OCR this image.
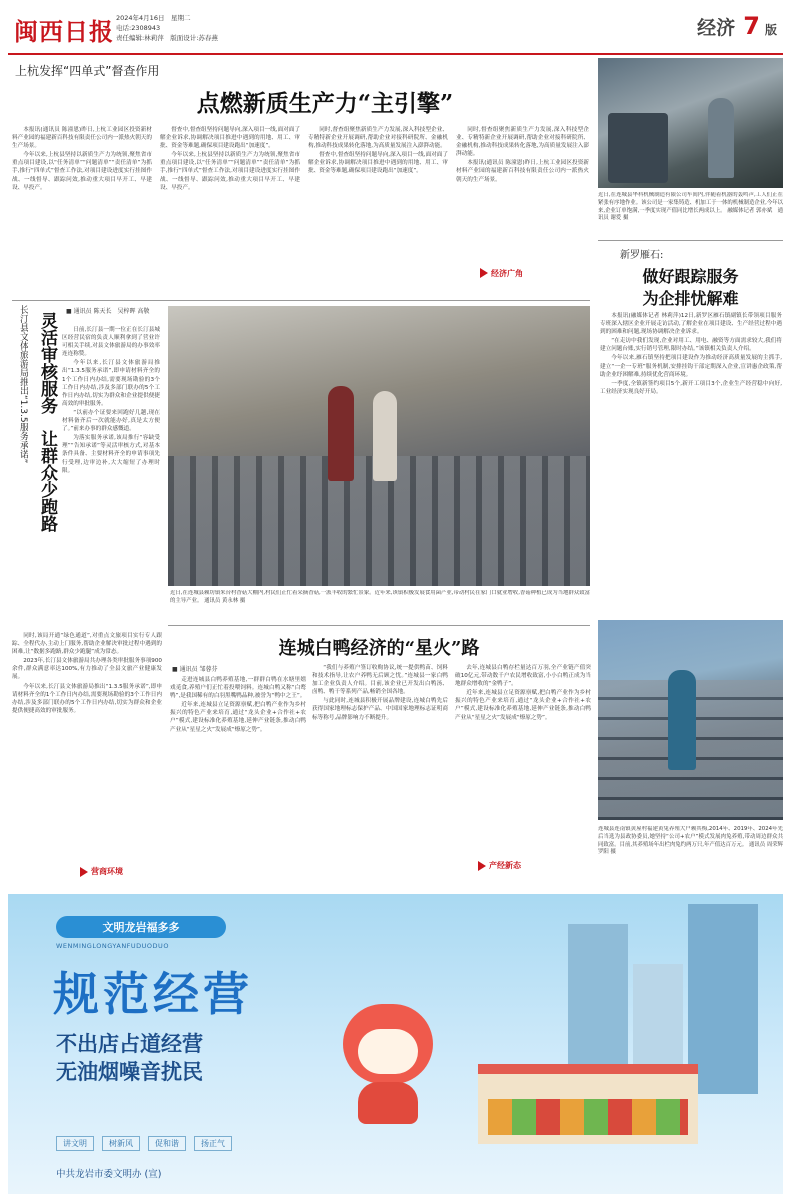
闽西日报 2024年4月16日　星期二
电话:2308943
责任编辑:林莉萍　版面设计:苏春燕	经济 7 版
上杭发挥“四单式”督查作用
点燃新质生产力“主引擎”

本报讯(通讯员 陈潼恩)昨日,上杭工业园区投资新材料产业园的福建新百科技有限责任公司内一派热火朝天的生产场景。

今年以来,上杭县坚持以新质生产力为统领,聚焦省市重点项目建设,以“任务清单”“问题清单”“责任清单”为抓手,推行“四单式”督查工作法,对项目建设进度实行挂图作战、一线督导、跟踪问效,推动重大项目早开工、早建设、早投产。

督查中,督查组坚持问题导向,深入项目一线,面对面了解企业诉求,协调解决项目推进中遇到的用地、用工、审批、资金等难题,确保项目建设跑出“加速度”。

今年以来,上杭县坚持以新质生产力为统领,聚焦省市重点项目建设,以“任务清单”“问题清单”“责任清单”为抓手,推行“四单式”督查工作法,对项目建设进度实行挂图作战、一线督导、跟踪问效,推动重大项目早开工、早建设、早投产。

同时,督查组聚焦新质生产力发展,深入科技型企业、专精特新企业开展调研,帮助企业对接科研院所、金融机构,推动科技成果转化落地,为高质量发展注入澎湃动能。

督查中,督查组坚持问题导向,深入项目一线,面对面了解企业诉求,协调解决项目推进中遇到的用地、用工、审批、资金等难题,确保项目建设跑出“加速度”。

同时,督查组聚焦新质生产力发展,深入科技型企业、专精特新企业开展调研,帮助企业对接科研院所、金融机构,推动科技成果转化落地,为高质量发展注入澎湃动能。

本报讯(通讯员 陈潼恩)昨日,上杭工业园区投资新材料产业园的福建新百科技有限责任公司内一派热火朝天的生产场景。

经济广角
近日,在连城县华科机械制造有限公司车间内,伴随着机器的轰鸣声,工人们正在紧张有序地作业。该公司是一家集铸造、机加工于一体的机械制造企业,今年以来,企业订单饱满,一季度实现产值同比增长两成以上。 融媒体记者 郭亦斌　通讯员 谢爱 摄
新罗雁石:
做好跟踪服务
为企排忧解难

本报讯(融媒体记者 林莉萍)12日,新罗区雁石镇副镇长带领项目服务专班深入辖区企业开展走访活动,了解企业在项目建设、生产经营过程中遇到的困难和问题,现场协调解决企业诉求。

“在走访中我们发现,企业对用工、用电、融资等方面需求较大,我们将建立问题台账,实行销号管理,限时办结。”该镇相关负责人介绍。

今年以来,雁石镇坚持把项目建设作为推动经济高质量发展的主抓手,建立“一企一专班”服务机制,安排挂钩干部定期深入企业,宣讲惠企政策,帮助企业纾困解难,持续优化营商环境。

一季度,全镇新签约项目5个,新开工项目3个,企业生产经营稳中向好,工业经济实现良好开局。

长汀县文体旅游局推出“1.3.5服务承诺” 灵活审核服务
让群众少跑路
■ 通讯员 陈天长　吴梓晖 高敬

日前,长汀县一期一位正在长汀县城区经营民宿的负责人顺利拿到了营业许可相关手续,对县文体旅游局的办事效率连连称赞。

今年以来,长汀县文体旅游局推出“1.3.5服务承诺”,即申请材料齐全的1个工作日内办结,需要现场勘验的3个工作日内办结,涉及多部门联办的5个工作日内办结,切实为群众和企业提供便捷高效的审批服务。

“以前办个证要来回跑好几趟,现在材料备齐后一次就能办好,真是太方便了。”前来办事的群众感慨道。

为落实服务承诺,该局推行“容缺受理”“告知承诺”等灵活审核方式,对基本条件具备、主要材料齐全的申请事项先行受理,边审边补,大大缩短了办理时限。

同时,该局开通“绿色通道”,对重点文旅项目实行专人跟踪、全程代办,主动上门服务,帮助企业解决审批过程中遇到的困难,让“数据多跑路,群众少跑腿”成为常态。

2023年,长汀县文体旅游局共办理各类审批服务事项900余件,群众满意率达100%,有力推动了全县文旅产业健康发展。

今年以来,长汀县文体旅游局推出“1.3.5服务承诺”,即申请材料齐全的1个工作日内办结,需要现场勘验的3个工作日内办结,涉及多部门联办的5个工作日内办结,切实为群众和企业提供便捷高效的审批服务。

营商环境
近日,在连城县赖坊镇朱台村香菇大棚内,村民们正忙着采摘香菇,一派丰收的繁忙景象。近年来,该镇积极发展食用菌产业,带动村民在家门口就业增收,香菇种植已成为当地群众致富的主导产业。 通讯员 黄永林 摄
连城白鸭经济的“星火”路
■ 通讯员 邹蓉芬

走进连城县白鸭养殖基地,一群群白鸭在水塘里嬉戏觅食,养殖户们正忙着投喂饲料。连城白鸭又称“白鹜鸭”,是我国稀有的白羽黑嘴鸭品种,被誉为“鸭中之王”。

近年来,连城县立足资源禀赋,把白鸭产业作为乡村振兴的特色产业来培育,通过“龙头企业+合作社+农户”模式,建设标准化养殖基地,延伸产业链条,推动白鸭产业从“星星之火”发展成“燎原之势”。

“我们与养殖户签订收购协议,统一提供鸭苗、饲料和技术指导,让农户养鸭无后顾之忧。”连城县一家白鸭加工企业负责人介绍。目前,该企业已开发出白鸭汤、卤鸭、鸭干等系列产品,畅销全国各地。

与此同时,连城县积极开展品牌建设,连城白鸭先后获得国家地理标志保护产品、中国国家地理标志证明商标等称号,品牌影响力不断提升。

去年,连城县白鸭存栏量达百万羽,全产业链产值突破10亿元,带动数千户农民增收致富,小小白鸭正成为当地群众增收的“金鸭子”。

近年来,连城县立足资源禀赋,把白鸭产业作为乡村振兴的特色产业来培育,通过“龙头企业+合作社+农户”模式,建设标准化养殖基地,延伸产业链条,推动白鸭产业从“星星之火”发展成“燎原之势”。

产经新态
连城县连南镇黄屋村福建黄兔养殖大户赖其梅,2014年、2019年、2024年先后当选为县政协委员,她坚持“公司+农户”模式发展肉兔养殖,带动周边群众共同致富。目前,其养殖场年出栏肉兔约两万只,年产值达百万元。 通讯员 周荣辉 罗阳 摄
文明龙岩福多多
WENMINGLONGYANFUDUODUO
规范经营
不出店占道经营
无油烟噪音扰民
讲文明	树新风	促和谐	扬正气
中共龙岩市委文明办 (宣)
